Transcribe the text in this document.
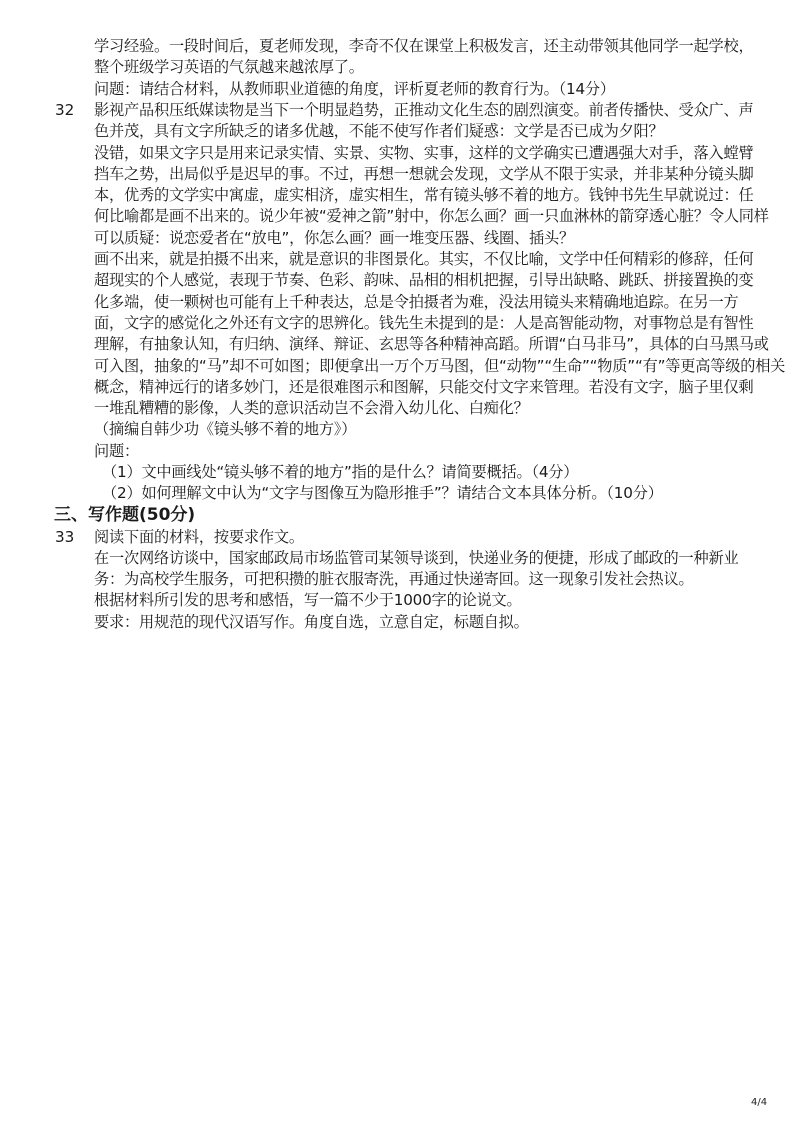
学习经验。一段时间后，夏老师发现，李奇不仅在课堂上积极发言，还主动带领其他同学一起学校，
整个班级学习英语的气氛越来越浓厚了。
问题：请结合材料，从教师职业道德的角度，评析夏老师的教育行为。（14分）
32 影视产品积压纸媒读物是当下一个明显趋势，正推动文化生态的剧烈演变。前者传播快、受众广、声
色并茂，具有文字所缺乏的诸多优越，不能不使写作者们疑惑：文学是否已成为夕阳？
没错，如果文字只是用来记录实情、实景、实物、实事，这样的文学确实已遭遇强大对手，落入螳臂
挡车之势，出局似乎是迟早的事。不过，再想一想就会发现，文学从不限于实录，并非某种分镜头脚
本，优秀的文学实中寓虚，虚实相济，虚实相生，常有镜头够不着的地方。钱钟书先生早就说过：任
何比喻都是画不出来的。说少年被“爱神之箭”射中，你怎么画？画一只血淋林的箭穿透心脏？令人同样
可以质疑：说恋爱者在“放电”，你怎么画？画一堆变压器、线圈、插头？
画不出来，就是拍摄不出来，就是意识的非图景化。其实，不仅比喻，文学中任何精彩的修辞，任何
超现实的个人感觉，表现于节奏、色彩、韵味、品相的相机把握，引导出缺略、跳跃、拼接置换的变
化多端，使一颗树也可能有上千种表达，总是令拍摄者为难，没法用镜头来精确地追踪。在另一方
面，文字的感觉化之外还有文字的思辨化。钱先生未提到的是：人是高智能动物，对事物总是有智性
理解，有抽象认知，有归纳、演绎、辩证、玄思等各种精神高蹈。所谓“白马非马”，具体的白马黑马或
可入图，抽象的“马”却不可如图；即便拿出一万个万马图，但“动物”“生命”“物质”“有”等更高等级的相关
概念，精神远行的诸多妙门，还是很难图示和图解，只能交付文字来管理。若没有文字，脑子里仅剩
一堆乱糟糟的影像，人类的意识活动岂不会滑入幼儿化、白痴化？
（摘编自韩少功《镜头够不着的地方》）
问题：
（1）文中画线处“镜头够不着的地方”指的是什么？请简要概括。（4分）
（2）如何理解文中认为“文字与图像互为隐形推手”？请结合文本具体分析。（10分）
三、写作题(50分)
33 阅读下面的材料，按要求作文。
在一次网络访谈中，国家邮政局市场监管司某领导谈到，快递业务的便捷，形成了邮政的一种新业
务：为高校学生服务，可把积攒的脏衣服寄洗，再通过快递寄回。这一现象引发社会热议。
根据材料所引发的思考和感悟，写一篇不少于1000字的论说文。
要求：用规范的现代汉语写作。角度自选，立意自定，标题自拟。
4/4
